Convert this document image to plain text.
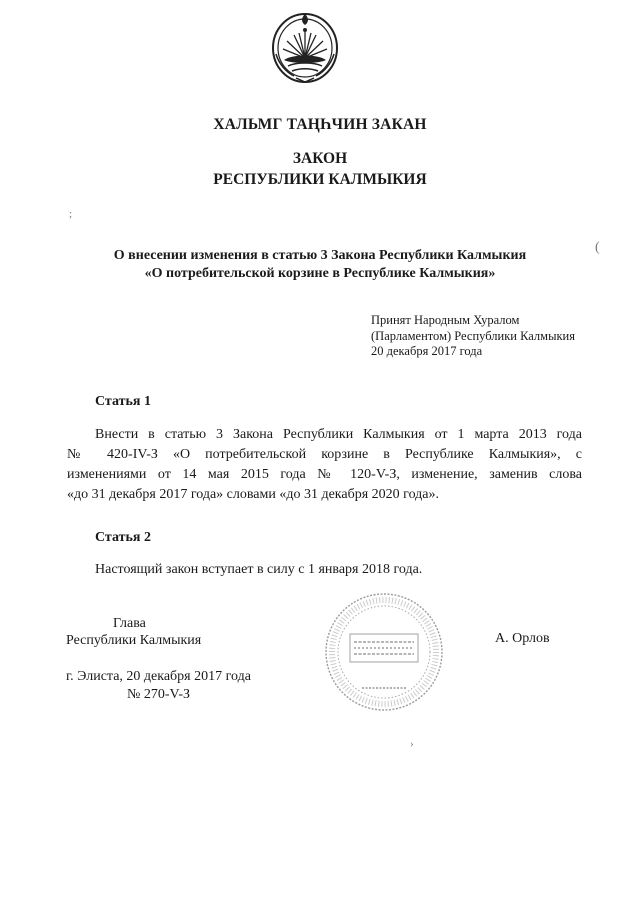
ХАЛЬМГ ТАҢҺЧИН ЗАКАН
ЗАКОН
РЕСПУБЛИКИ КАЛМЫКИЯ
;
О внесении изменения в статью 3 Закона Республики Калмыкия
«О потребительской корзине в Республике Калмыкия»
(
Принят Народным Хуралом
(Парламентом) Республики Калмыкия
20 декабря 2017 года
Статья 1
Внести в статью 3 Закона Республики Калмыкия от 1 марта 2013 года
№ 420-IV-З «О потребительской корзине в Республике Калмыкия», с
изменениями от 14 мая 2015 года № 120-V-З, изменение, заменив слова
«до 31 декабря 2017 года» словами «до 31 декабря 2020 года».
Статья 2
Настоящий закон вступает в силу с 1 января 2018 года.
Глава
Республики Калмыкия	А. Орлов
г. Элиста, 20 декабря 2017 года
№ 270-V-З
›
